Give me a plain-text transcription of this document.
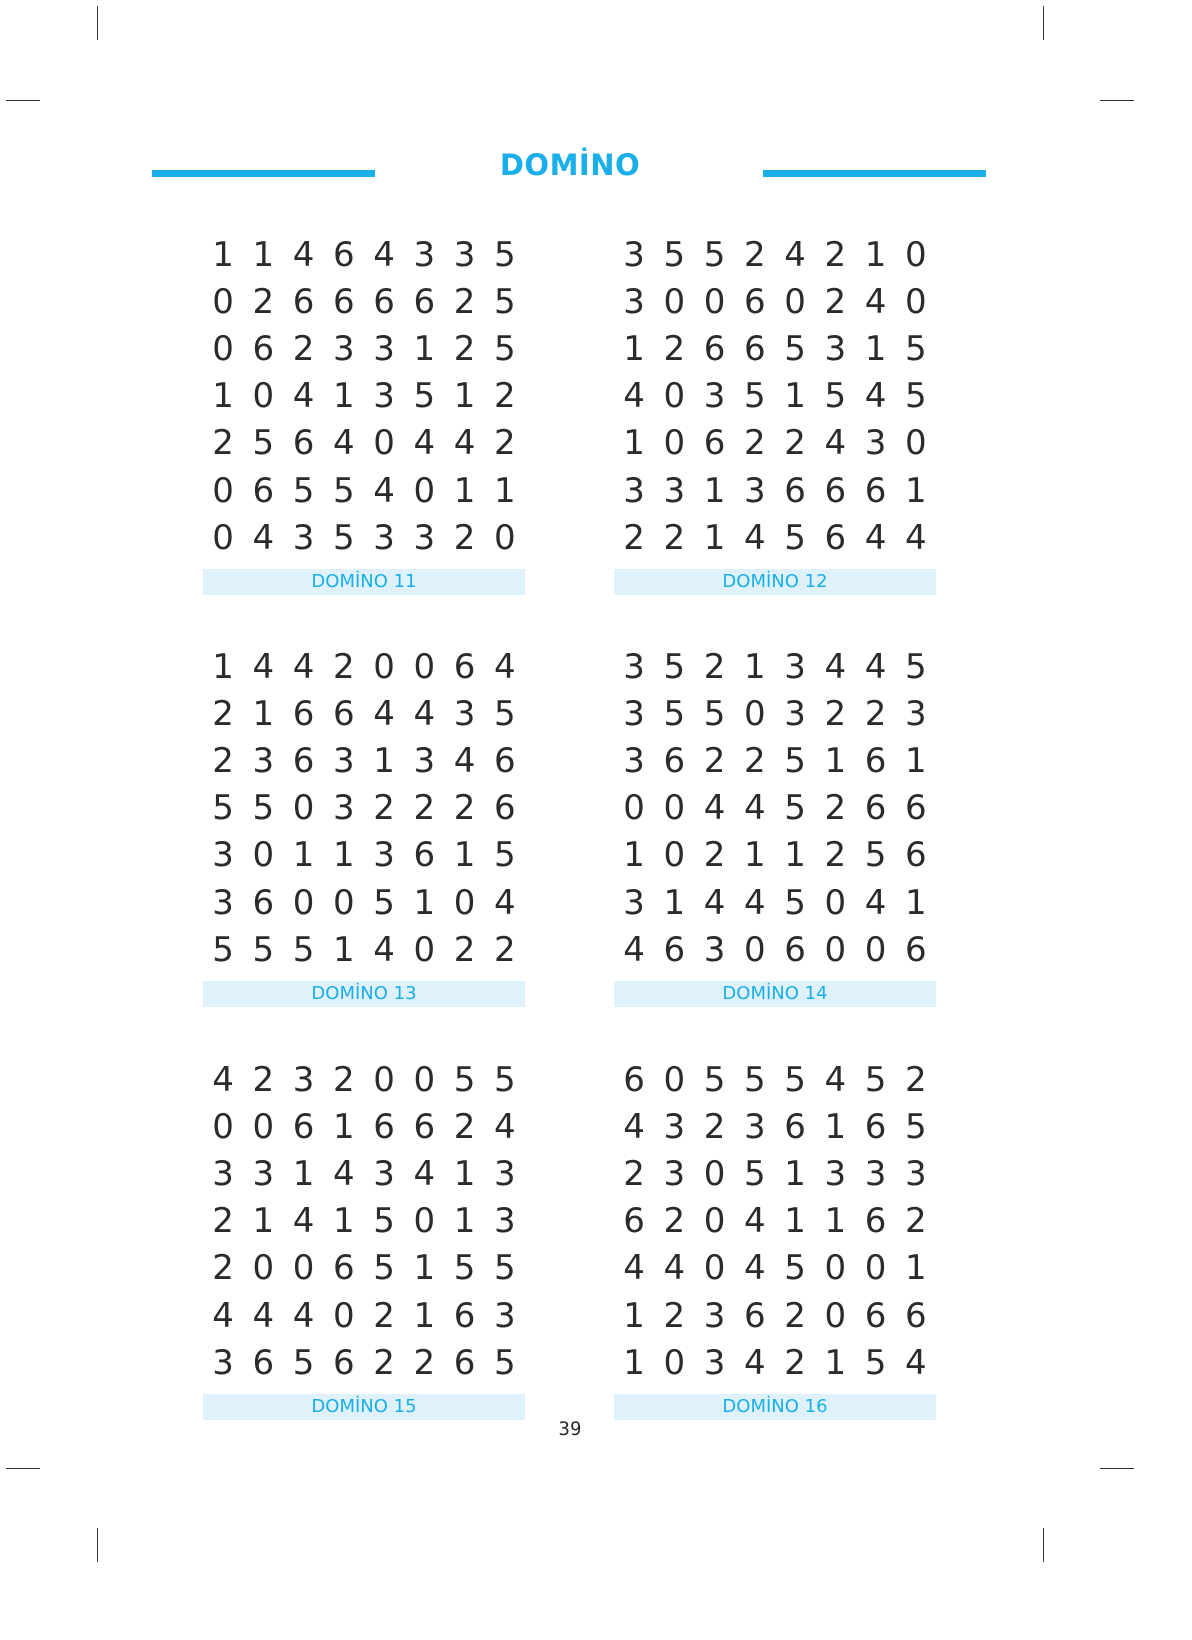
DOMİNO
1 1 4 6 4 3 3 5
0 2 6 6 6 6 2 5
0 6 2 3 3 1 2 5
1 0 4 1 3 5 1 2
2 5 6 4 0 4 4 2
0 6 5 5 4 0 1 1
0 4 3 5 3 3 2 0
DOMİNO 11
3 5 5 2 4 2 1 0
3 0 0 6 0 2 4 0
1 2 6 6 5 3 1 5
4 0 3 5 1 5 4 5
1 0 6 2 2 4 3 0
3 3 1 3 6 6 6 1
2 2 1 4 5 6 4 4
DOMİNO 12
1 4 4 2 0 0 6 4
2 1 6 6 4 4 3 5
2 3 6 3 1 3 4 6
5 5 0 3 2 2 2 6
3 0 1 1 3 6 1 5
3 6 0 0 5 1 0 4
5 5 5 1 4 0 2 2
DOMİNO 13
3 5 2 1 3 4 4 5
3 5 5 0 3 2 2 3
3 6 2 2 5 1 6 1
0 0 4 4 5 2 6 6
1 0 2 1 1 2 5 6
3 1 4 4 5 0 4 1
4 6 3 0 6 0 0 6
DOMİNO 14
4 2 3 2 0 0 5 5
0 0 6 1 6 6 2 4
3 3 1 4 3 4 1 3
2 1 4 1 5 0 1 3
2 0 0 6 5 1 5 5
4 4 4 0 2 1 6 3
3 6 5 6 2 2 6 5
DOMİNO 15
6 0 5 5 5 4 5 2
4 3 2 3 6 1 6 5
2 3 0 5 1 3 3 3
6 2 0 4 1 1 6 2
4 4 0 4 5 0 0 1
1 2 3 6 2 0 6 6
1 0 3 4 2 1 5 4
DOMİNO 16
39
